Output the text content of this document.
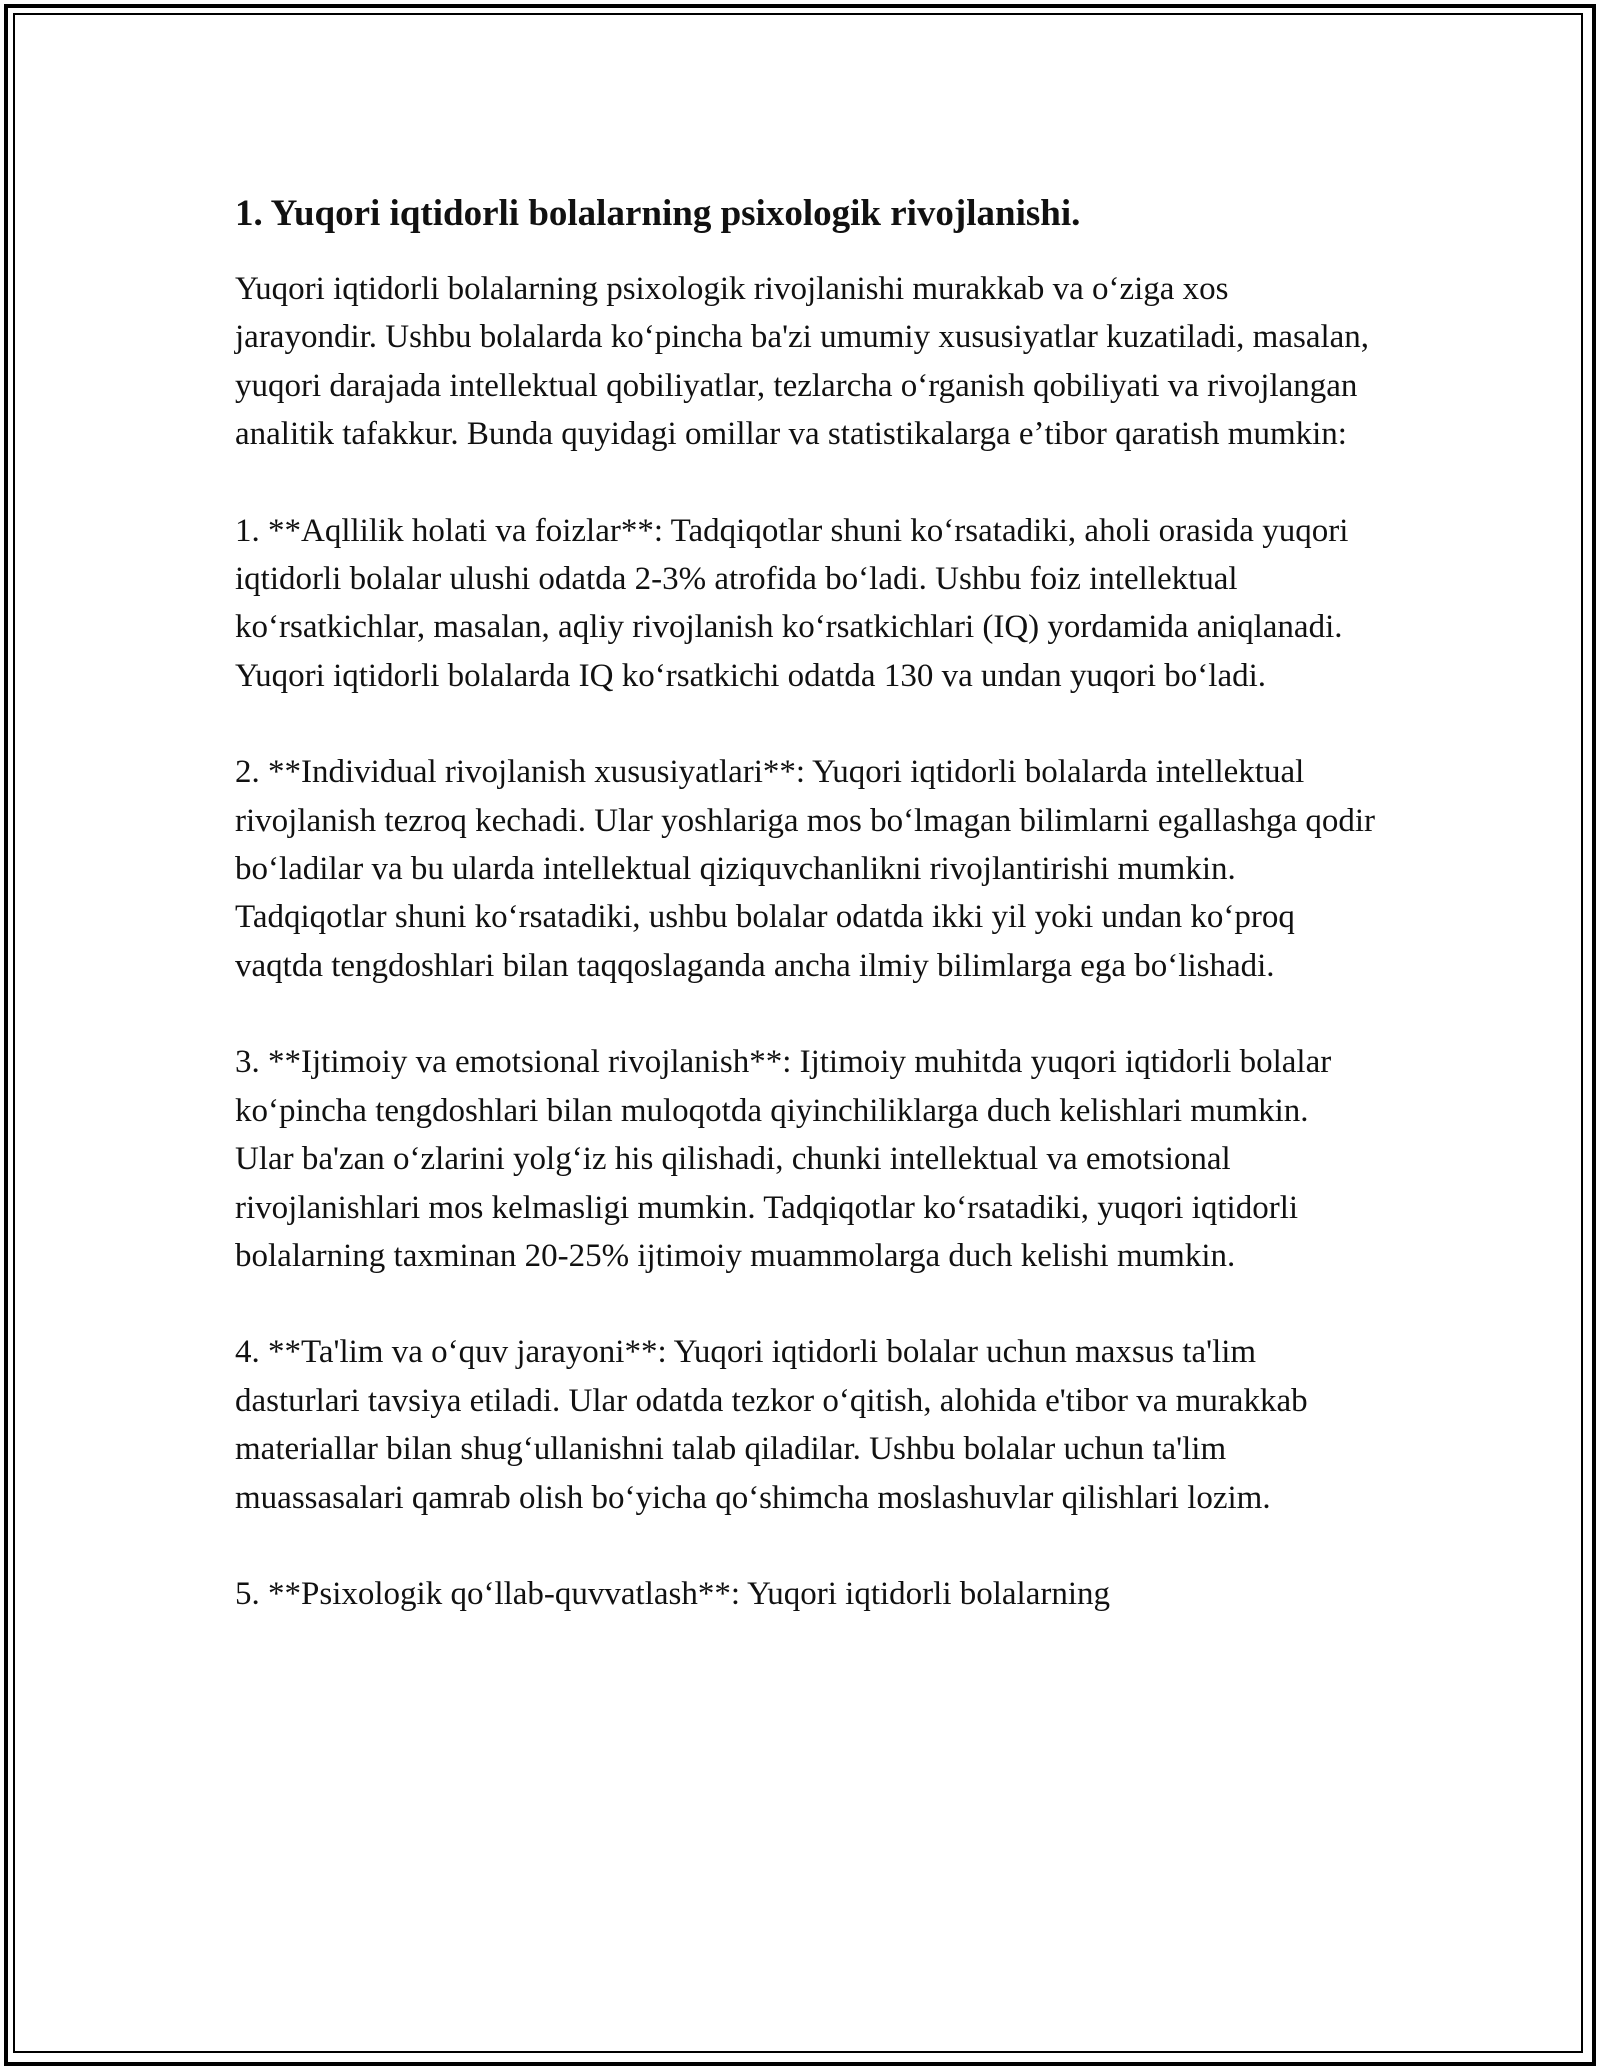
1. Yuqori iqtidorli bolalarning psixologik rivojlanishi.

Yuqori iqtidorli bolalarning psixologik rivojlanishi murakkab va oʻziga xos jarayondir. Ushbu bolalarda koʻpincha ba'zi umumiy xususiyatlar kuzatiladi, masalan, yuqori darajada intellektual qobiliyatlar, tezlarcha oʻrganish qobiliyati va rivojlangan analitik tafakkur. Bunda quyidagi omillar va statistikalarga eʼtibor qaratish mumkin:

1. **Aqllilik holati va foizlar**: Tadqiqotlar shuni koʻrsatadiki, aholi orasida yuqori iqtidorli bolalar ulushi odatda 2-3% atrofida boʻladi. Ushbu foiz intellektual koʻrsatkichlar, masalan, aqliy rivojlanish koʻrsatkichlari (IQ) yordamida aniqlanadi. Yuqori iqtidorli bolalarda IQ koʻrsatkichi odatda 130 va undan yuqori boʻladi.

2. **Individual rivojlanish xususiyatlari**: Yuqori iqtidorli bolalarda intellektual rivojlanish tezroq kechadi. Ular yoshlariga mos boʻlmagan bilimlarni egallashga qodir boʻladilar va bu ularda intellektual qiziquvchanlikni rivojlantirishi mumkin. Tadqiqotlar shuni koʻrsatadiki, ushbu bolalar odatda ikki yil yoki undan koʻproq vaqtda tengdoshlari bilan taqqoslaganda ancha ilmiy bilimlarga ega boʻlishadi.

3. **Ijtimoiy va emotsional rivojlanish**: Ijtimoiy muhitda yuqori iqtidorli bolalar koʻpincha tengdoshlari bilan muloqotda qiyinchiliklarga duch kelishlari mumkin. Ular ba'zan oʻzlarini yolgʻiz his qilishadi, chunki intellektual va emotsional rivojlanishlari mos kelmasligi mumkin. Tadqiqotlar koʻrsatadiki, yuqori iqtidorli bolalarning taxminan 20-25% ijtimoiy muammolarga duch kelishi mumkin.

4. **Ta'lim va oʻquv jarayoni**: Yuqori iqtidorli bolalar uchun maxsus ta'lim dasturlari tavsiya etiladi. Ular odatda tezkor oʻqitish, alohida e'tibor va murakkab materiallar bilan shugʻullanishni talab qiladilar. Ushbu bolalar uchun ta'lim muassasalari qamrab olish boʻyicha qoʻshimcha moslashuvlar qilishlari lozim.

5. **Psixologik qoʻllab-quvvatlash**: Yuqori iqtidorli bolalarning
